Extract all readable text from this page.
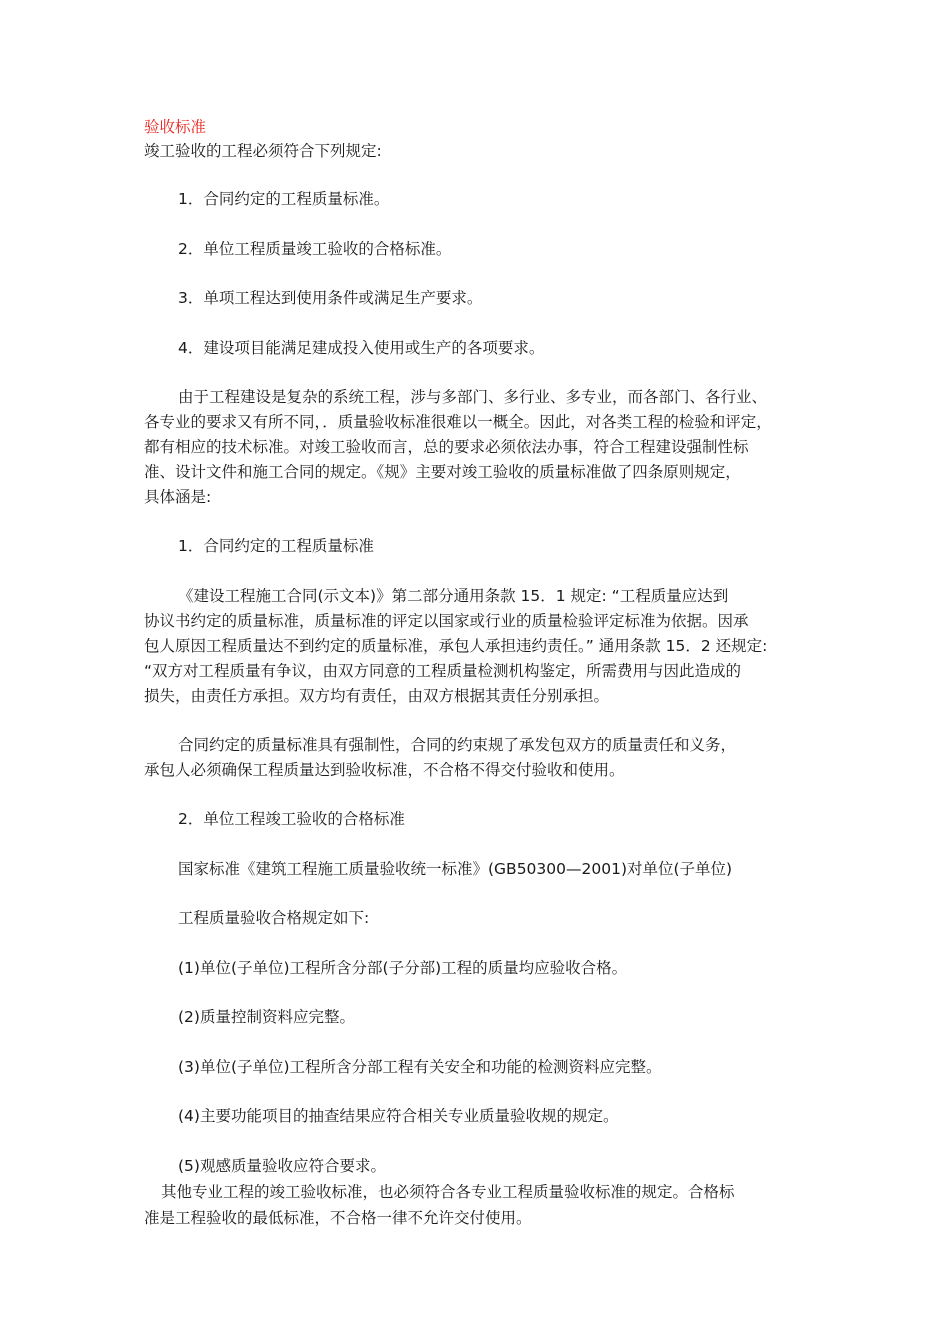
验收标准
竣工验收的工程必须符合下列规定:
1．合同约定的工程质量标准。
2．单位工程质量竣工验收的合格标准。
3．单项工程达到使用条件或满足生产要求。
4．建设项目能满足建成投入使用或生产的各项要求。
由于工程建设是复杂的系统工程，涉与多部门、多行业、多专业，而各部门、各行业、
各专业的要求又有所不同，．质量验收标准很难以一概全。因此，对各类工程的检验和评定，
都有相应的技术标准。对竣工验收而言，总的要求必须依法办事，符合工程建设强制性标
准、设计文件和施工合同的规定。《规》主要对竣工验收的质量标准做了四条原则规定，
具体涵是:
1．合同约定的工程质量标准
《建设工程施工合同(示文本)》第二部分通用条款 15．1 规定: “工程质量应达到
协议书约定的质量标准，质量标准的评定以国家或行业的质量检验评定标准为依据。因承
包人原因工程质量达不到约定的质量标准，承包人承担违约责任。” 通用条款 15．2 还规定:
“双方对工程质量有争议，由双方同意的工程质量检测机构鉴定，所需费用与因此造成的
损失，由责任方承担。双方均有责任，由双方根据其责任分别承担。
合同约定的质量标准具有强制性，合同的约束规了承发包双方的质量责任和义务，
承包人必须确保工程质量达到验收标准，不合格不得交付验收和使用。
2．单位工程竣工验收的合格标准
国家标准《建筑工程施工质量验收统一标准》(GB50300—2001)对单位(子单位)
工程质量验收合格规定如下:
(1)单位(子单位)工程所含分部(子分部)工程的质量均应验收合格。
(2)质量控制资料应完整。
(3)单位(子单位)工程所含分部工程有关安全和功能的检测资料应完整。
(4)主要功能项目的抽查结果应符合相关专业质量验收规的规定。
(5)观感质量验收应符合要求。
其他专业工程的竣工验收标准，也必须符合各专业工程质量验收标准的规定。合格标
准是工程验收的最低标准，不合格一律不允许交付使用。
